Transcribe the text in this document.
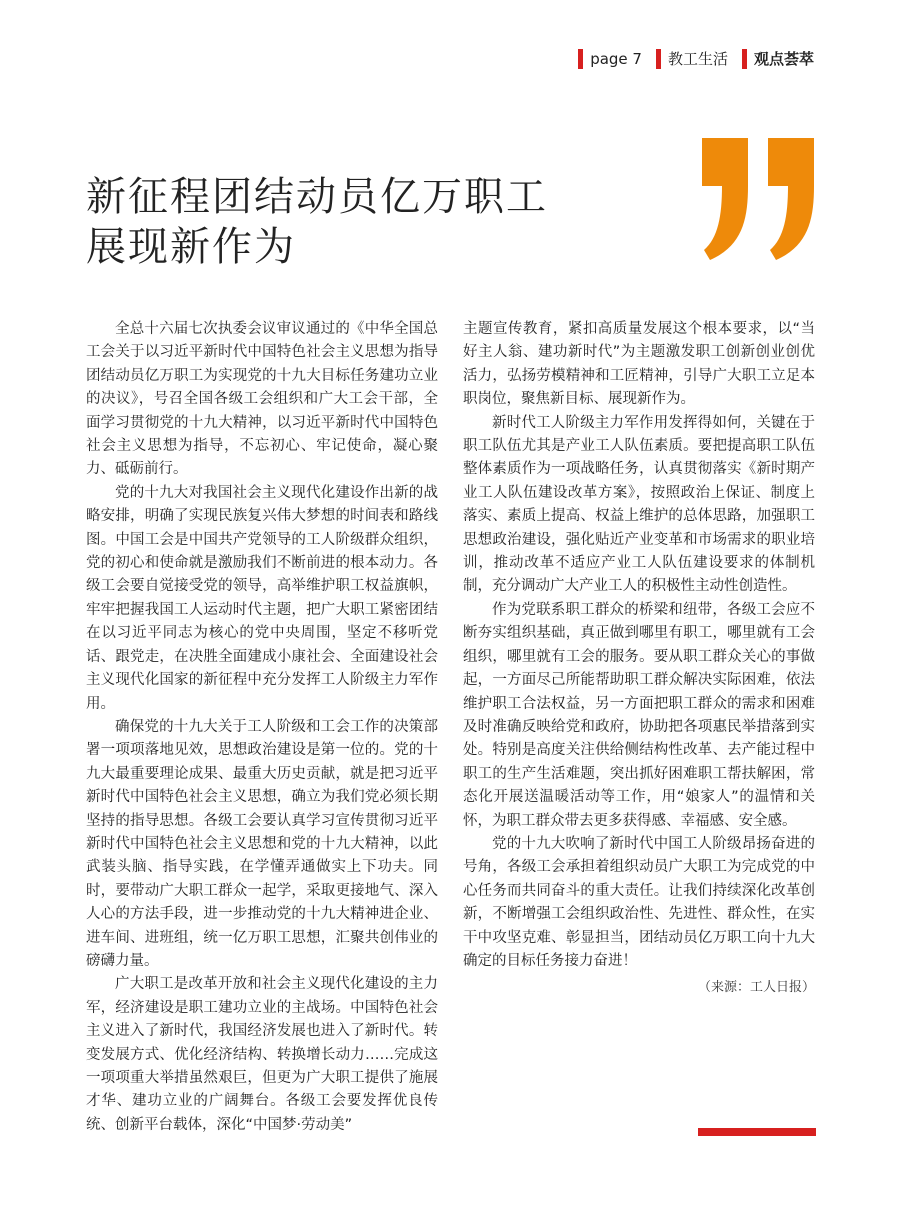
page 7 教工生活 观点荟萃
新征程团结动员亿万职工
展现新作为

全总十六届七次执委会议审议通过的《中华全国总工会关于以习近平新时代中国特色社会主义思想为指导 团结动员亿万职工为实现党的十九大目标任务建功立业的决议》，号召全国各级工会组织和广大工会干部，全面学习贯彻党的十九大精神，以习近平新时代中国特色社会主义思想为指导，不忘初心、牢记使命，凝心聚力、砥砺前行。

党的十九大对我国社会主义现代化建设作出新的战略安排，明确了实现民族复兴伟大梦想的时间表和路线图。中国工会是中国共产党领导的工人阶级群众组织，党的初心和使命就是激励我们不断前进的根本动力。各级工会要自觉接受党的领导，高举维护职工权益旗帜，牢牢把握我国工人运动时代主题，把广大职工紧密团结在以习近平同志为核心的党中央周围，坚定不移听党话、跟党走，在决胜全面建成小康社会、全面建设社会主义现代化国家的新征程中充分发挥工人阶级主力军作用。

确保党的十九大关于工人阶级和工会工作的决策部署一项项落地见效，思想政治建设是第一位的。党的十九大最重要理论成果、最重大历史贡献，就是把习近平新时代中国特色社会主义思想，确立为我们党必须长期坚持的指导思想。各级工会要认真学习宣传贯彻习近平新时代中国特色社会主义思想和党的十九大精神，以此武装头脑、指导实践，在学懂弄通做实上下功夫。同时，要带动广大职工群众一起学，采取更接地气、深入人心的方法手段，进一步推动党的十九大精神进企业、进车间、进班组，统一亿万职工思想，汇聚共创伟业的磅礴力量。

广大职工是改革开放和社会主义现代化建设的主力军，经济建设是职工建功立业的主战场。中国特色社会主义进入了新时代，我国经济发展也进入了新时代。转变发展方式、优化经济结构、转换增长动力……完成这一项项重大举措虽然艰巨，但更为广大职工提供了施展才华、建功立业的广阔舞台。各级工会要发挥优良传统、创新平台载体，深化“中国梦·劳动美”

主题宣传教育，紧扣高质量发展这个根本要求，以“当好主人翁、建功新时代”为主题激发职工创新创业创优活力，弘扬劳模精神和工匠精神，引导广大职工立足本职岗位，聚焦新目标、展现新作为。

新时代工人阶级主力军作用发挥得如何，关键在于职工队伍尤其是产业工人队伍素质。要把提高职工队伍整体素质作为一项战略任务，认真贯彻落实《新时期产业工人队伍建设改革方案》，按照政治上保证、制度上落实、素质上提高、权益上维护的总体思路，加强职工思想政治建设，强化贴近产业变革和市场需求的职业培训，推动改革不适应产业工人队伍建设要求的体制机制，充分调动广大产业工人的积极性主动性创造性。

作为党联系职工群众的桥梁和纽带，各级工会应不断夯实组织基础，真正做到哪里有职工，哪里就有工会组织，哪里就有工会的服务。要从职工群众关心的事做起，一方面尽己所能帮助职工群众解决实际困难，依法维护职工合法权益，另一方面把职工群众的需求和困难及时准确反映给党和政府，协助把各项惠民举措落到实处。特别是高度关注供给侧结构性改革、去产能过程中职工的生产生活难题，突出抓好困难职工帮扶解困，常态化开展送温暖活动等工作，用“娘家人”的温情和关怀，为职工群众带去更多获得感、幸福感、安全感。

党的十九大吹响了新时代中国工人阶级昂扬奋进的号角，各级工会承担着组织动员广大职工为完成党的中心任务而共同奋斗的重大责任。让我们持续深化改革创新，不断增强工会组织政治性、先进性、群众性，在实干中攻坚克难、彰显担当，团结动员亿万职工向十九大确定的目标任务接力奋进！

（来源：工人日报）
